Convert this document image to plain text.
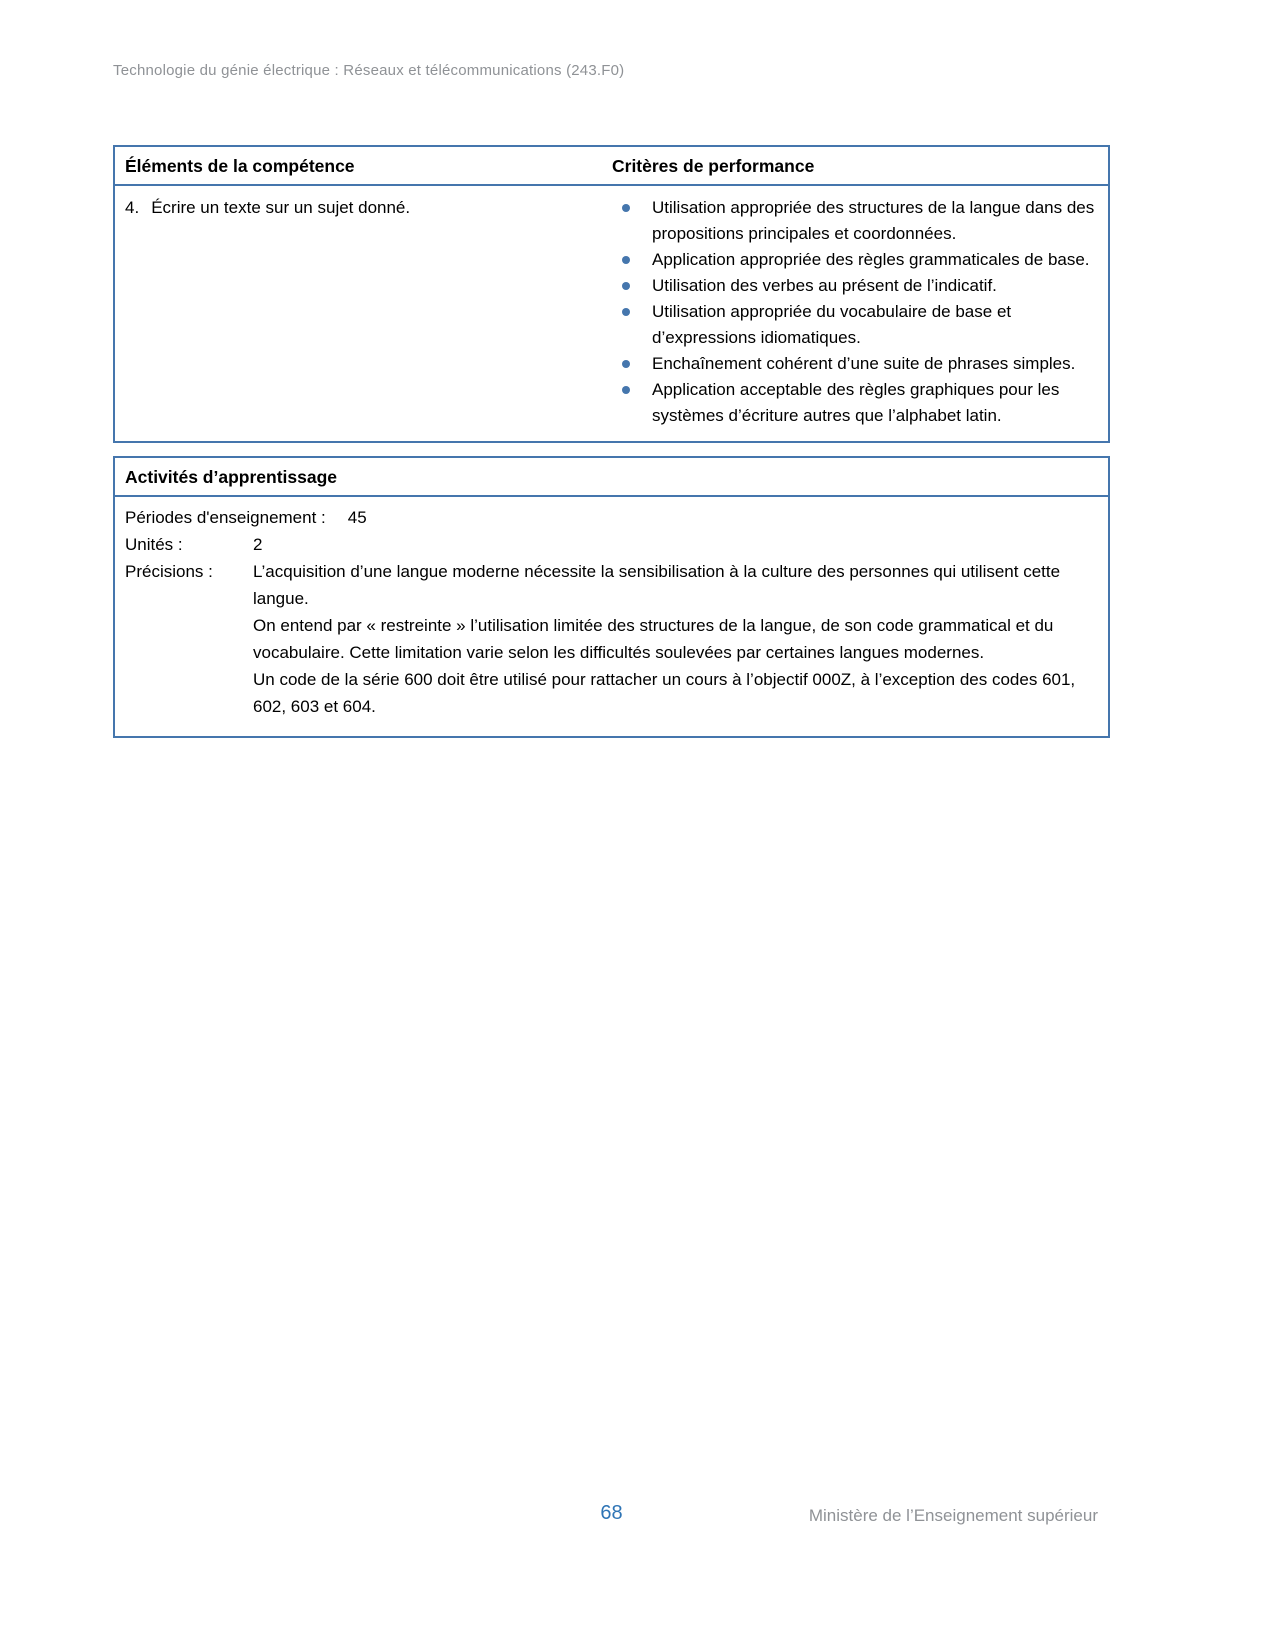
Technologie du génie électrique : Réseaux et télécommunications (243.F0)
Éléments de la compétence	Critères de performance
4. Écrire un texte sur un sujet donné.	Utilisation appropriée des structures de la langue dans des propositions principales et coordonnées.
Application appropriée des règles grammaticales de base.
Utilisation des verbes au présent de l’indicatif.
Utilisation appropriée du vocabulaire de base et d’expressions idiomatiques.
Enchaînement cohérent d’une suite de phrases simples.
Application acceptable des règles graphiques pour les systèmes d’écriture autres que l’alphabet latin.
Activités d’apprentissage
Périodes d'enseignement : 45
Unités :	2
Précisions :	L’acquisition d’une langue moderne nécessite la sensibilisation à la culture des personnes qui utilisent cette langue.

On entend par « restreinte » l’utilisation limitée des structures de la langue, de son code grammatical et du vocabulaire. Cette limitation varie selon les difficultés soulevées par certaines langues modernes.

Un code de la série 600 doit être utilisé pour rattacher un cours à l’objectif 000Z, à l’exception des codes 601, 602, 603 et 604.

68	Ministère de l’Enseignement supérieur
